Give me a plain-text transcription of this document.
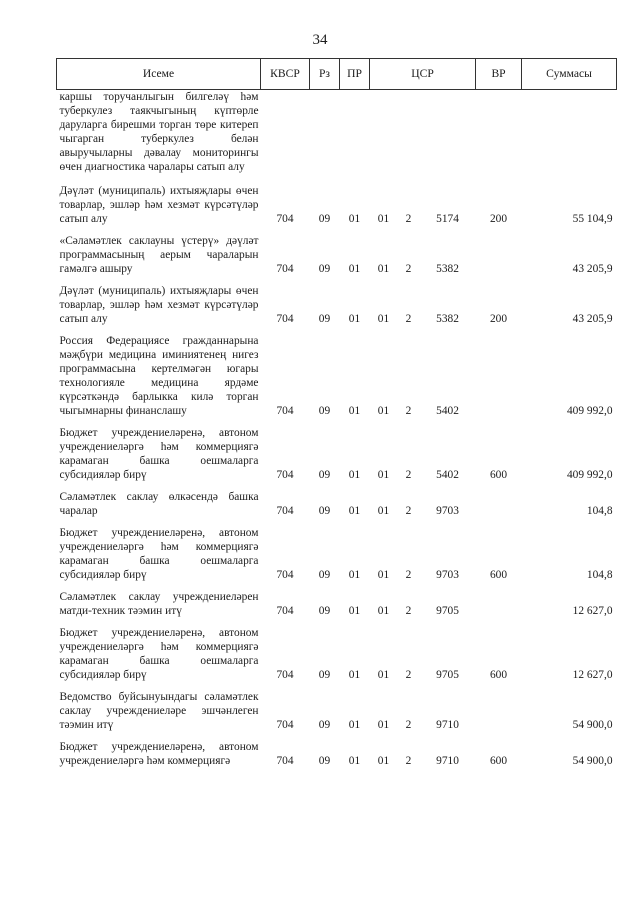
34
Исеме	КВСР	Рз	ПР	ЦСР			ВР	Суммасы

каршы торучанлыгын билгеләү һәм туберкулез таякчыгының күптөрле даруларга бирешми торган төре китереп чыгарган туберкулез белән авыручыларны дәвалау мониторингы өчен диагностика чаралары сатып алу								

Дәүләт (муниципаль) ихтыяҗлары өчен товарлар, эшләр һәм хезмәт күрсәтүләр сатып алу	704	09	01	01	2	5174	200	55 104,9

«Сәламәтлек саклауны үстерү» дәүләт программасының аерым чараларын гамәлгә ашыру	704	09	01	01	2	5382		43 205,9

Дәүләт (муниципаль) ихтыяҗлары өчен товарлар, эшләр һәм хезмәт күрсәтүләр сатып алу	704	09	01	01	2	5382	200	43 205,9

Россия Федерациясе гражданнарына мәҗбүри медицина иминиятенең нигез программасына кертелмәгән югары технологияле медицина ярдәме күрсәткәндә барлыкка килә торган чыгымнарны финанслашу	704	09	01	01	2	5402		409 992,0

Бюджет учреждениеләренә, автоном учреждениеләргә һәм коммерциягә карамаган башка оешмаларга субсидияләр бирү	704	09	01	01	2	5402	600	409 992,0

Сәламәтлек саклау өлкәсендә башка чаралар	704	09	01	01	2	9703		104,8

Бюджет учреждениеләренә, автоном учреждениеләргә һәм коммерциягә карамаган башка оешмаларга субсидияләр бирү	704	09	01	01	2	9703	600	104,8

Сәламәтлек саклау учреждениеләрен матди-техник тәэмин итү	704	09	01	01	2	9705		12 627,0

Бюджет учреждениеләренә, автоном учреждениеләргә һәм коммерциягә карамаган башка оешмаларга субсидияләр бирү	704	09	01	01	2	9705	600	12 627,0

Ведомство буйсынуындагы сәламәтлек саклау учреждениеләре эшчәнлеген тәэмин итү	704	09	01	01	2	9710		54 900,0

Бюджет учреждениеләренә, автоном учреждениеләргә һәм коммерциягә	704	09	01	01	2	9710	600	54 900,0
